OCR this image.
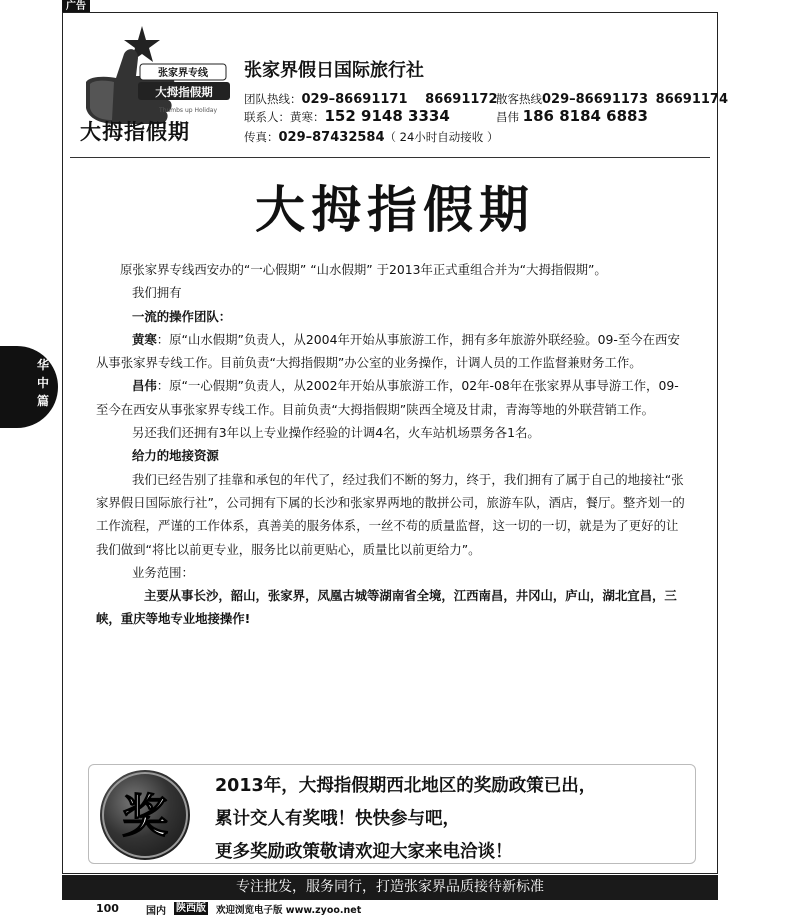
广告
张家界专线
大拇指假期
Thumbs up Holiday
大拇指假期
张家界假日国际旅行社
团队热线：029–86691171 86691172
散客热线029–86691173 86691174
联系人：黄寒：152 9148 3334	昌伟 186 8184 6883
传真：029–87432584（ 24小时自动接收 ）
华中篇
大拇指假期

原张家界专线西安办的“一心假期” “山水假期” 于2013年正式重组合并为“大拇指假期”。

我们拥有

一流的操作团队：

黄寒：原“山水假期”负责人，从2004年开始从事旅游工作，拥有多年旅游外联经验。09-至今在西安从事张家界专线工作。目前负责“大拇指假期”办公室的业务操作，计调人员的工作监督兼财务工作。

昌伟：原“一心假期”负责人，从2002年开始从事旅游工作，02年-08年在张家界从事导游工作，09-至今在西安从事张家界专线工作。目前负责“大拇指假期”陕西全境及甘肃，青海等地的外联营销工作。

另还我们还拥有3年以上专业操作经验的计调4名，火车站机场票务各1名。

给力的地接资源

我们已经告别了挂靠和承包的年代了，经过我们不断的努力，终于，我们拥有了属于自己的地接社“张家界假日国际旅行社”，公司拥有下属的长沙和张家界两地的散拼公司，旅游车队，酒店，餐厅。整齐划一的工作流程，严谨的工作体系，真善美的服务体系，一丝不苟的质量监督，这一切的一切，就是为了更好的让我们做到“将比以前更专业，服务比以前更贴心，质量比以前更给力”。

业务范围：

主要从事长沙，韶山，张家界，凤凰古城等湖南省全境，江西南昌，井冈山，庐山，湖北宜昌，三峡，重庆等地专业地接操作!

奖
2013年，大拇指假期西北地区的奖励政策已出，
累计交人有奖哦！快快参与吧，
更多奖励政策敬请欢迎大家来电洽谈！
专注批发，服务同行，打造张家界品质接待新标准
100	国内 陕西版 欢迎浏览电子版 www.zyoo.net
